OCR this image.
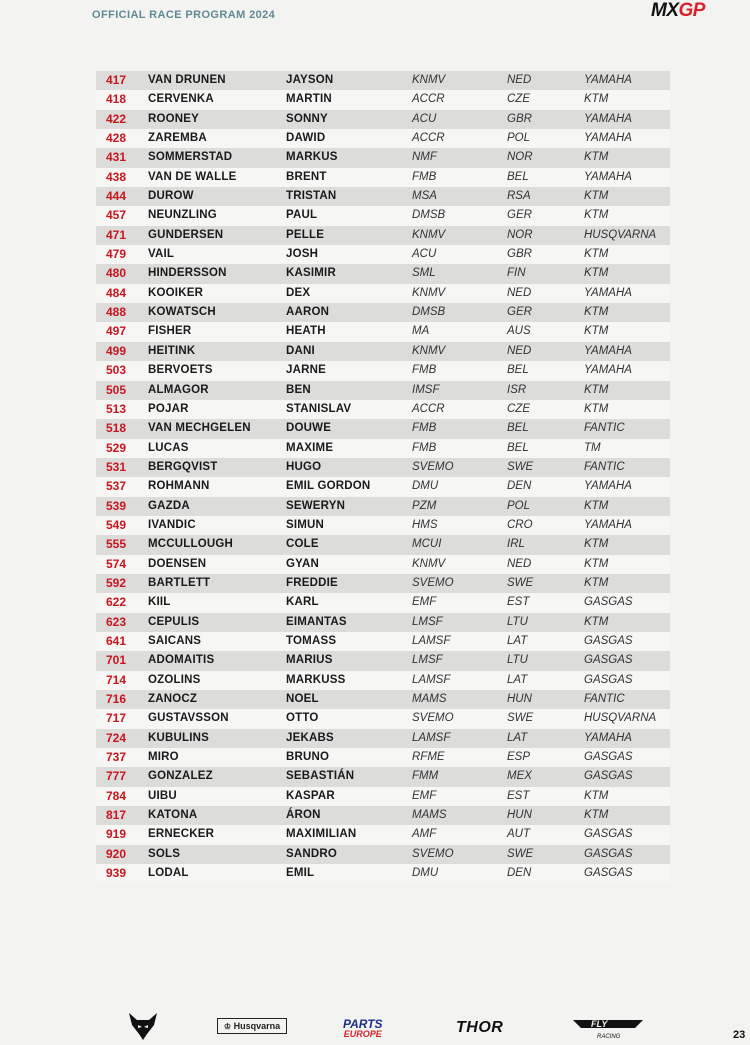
OFFICIAL RACE PROGRAM 2024	MXGP
417 VAN DRUNEN	JAYSON	KNMV	NED	YAMAHA
418 CERVENKA	MARTIN	ACCR	CZE	KTM
422 ROONEY	SONNY	ACU	GBR	YAMAHA
428 ZAREMBA	DAWID	ACCR	POL	YAMAHA
431 SOMMERSTAD	MARKUS	NMF	NOR	KTM
438 VAN DE WALLE	BRENT	FMB	BEL	YAMAHA
444 DUROW	TRISTAN	MSA	RSA	KTM
457 NEUNZLING	PAUL	DMSB	GER	KTM
471 GUNDERSEN	PELLE	KNMV	NOR	HUSQVARNA
479 VAIL	JOSH	ACU	GBR	KTM
480 HINDERSSON	KASIMIR	SML	FIN	KTM
484 KOOIKER	DEX	KNMV	NED	YAMAHA
488 KOWATSCH	AARON	DMSB	GER	KTM
497 FISHER	HEATH	MA	AUS	KTM
499 HEITINK	DANI	KNMV	NED	YAMAHA
503 BERVOETS	JARNE	FMB	BEL	YAMAHA
505 ALMAGOR	BEN	IMSF	ISR	KTM
513 POJAR	STANISLAV	ACCR	CZE	KTM
518 VAN MECHGELEN	DOUWE	FMB	BEL	FANTIC
529 LUCAS	MAXIME	FMB	BEL	TM
531 BERGQVIST	HUGO	SVEMO	SWE	FANTIC
537 ROHMANN	EMIL GORDON	DMU	DEN	YAMAHA
539 GAZDA	SEWERYN	PZM	POL	KTM
549 IVANDIC	SIMUN	HMS	CRO	YAMAHA
555 MCCULLOUGH	COLE	MCUI	IRL	KTM
574 DOENSEN	GYAN	KNMV	NED	KTM
592 BARTLETT	FREDDIE	SVEMO	SWE	KTM
622 KIIL	KARL	EMF	EST	GASGAS
623 CEPULIS	EIMANTAS	LMSF	LTU	KTM
641 SAICANS	TOMASS	LAMSF	LAT	GASGAS
701 ADOMAITIS	MARIUS	LMSF	LTU	GASGAS
714 OZOLINS	MARKUSS	LAMSF	LAT	GASGAS
716 ZANOCZ	NOEL	MAMS	HUN	FANTIC
717 GUSTAVSSON	OTTO	SVEMO	SWE	HUSQVARNA
724 KUBULINS	JEKABS	LAMSF	LAT	YAMAHA
737 MIRO	BRUNO	RFME	ESP	GASGAS
777 GONZALEZ	SEBASTIÁN	FMM	MEX	GASGAS
784 UIBU	KASPAR	EMF	EST	KTM
817 KATONA	ÁRON	MAMS	HUN	KTM
919 ERNECKER	MAXIMILIAN	AMF	AUT	GASGAS
920 SOLS	SANDRO	SVEMO	SWE	GASGAS
939 LODAL	EMIL	DMU	DEN	GASGAS
♔ Husqvarna	PARTS
EUROPE	THOR	FLY
RACING	23
